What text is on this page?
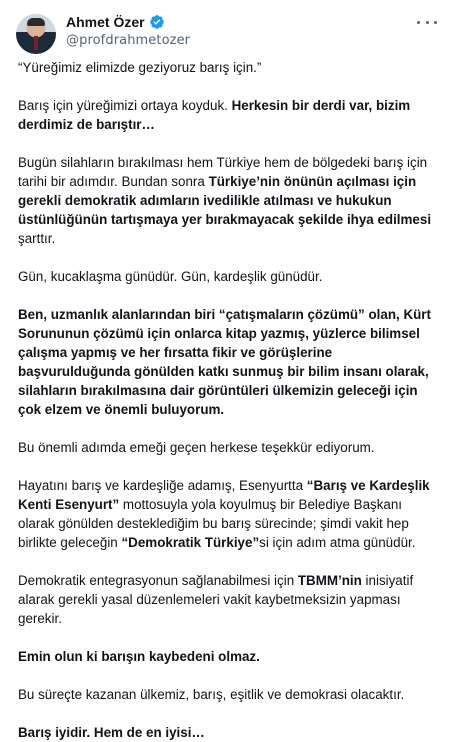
Ahmet Özer
@profdrahmetozer

“Yüreğimiz elimizde geziyoruz barış için.”

Barış için yüreğimizi ortaya koyduk. Herkesin bir derdi var, bizim derdimiz de barıştır…

Bugün silahların bırakılması hem Türkiye hem de bölgedeki barış için tarihi bir adımdır. Bundan sonra Türkiye’nin önünün açılması için gerekli demokratik adımların ivedilikle atılması ve hukukun üstünlüğünün tartışmaya yer bırakmayacak şekilde ihya edilmesi şarttır.

Gün, kucaklaşma günüdür. Gün, kardeşlik günüdür.

Ben, uzmanlık alanlarından biri “çatışmaların çözümü” olan, Kürt Sorununun çözümü için onlarca kitap yazmış, yüzlerce bilimsel çalışma yapmış ve her fırsatta fikir ve görüşlerine başvurulduğunda gönülden katkı sunmuş bir bilim insanı olarak, silahların bırakılmasına dair görüntüleri ülkemizin geleceği için çok elzem ve önemli buluyorum.

Bu önemli adımda emeği geçen herkese teşekkür ediyorum.

Hayatını barış ve kardeşliğe adamış, Esenyurtta “Barış ve Kardeşlik Kenti Esenyurt” mottosuyla yola koyulmuş bir Belediye Başkanı olarak gönülden desteklediğim bu barış sürecinde; şimdi vakit hep birlikte geleceğin “Demokratik Türkiye”si için adım atma günüdür.

Demokratik entegrasyonun sağlanabilmesi için TBMM’nin inisiyatif alarak gerekli yasal düzenlemeleri vakit kaybetmeksizin yapması gerekir.

Emin olun ki barışın kaybedeni olmaz.

Bu süreçte kazanan ülkemiz, barış, eşitlik ve demokrasi olacaktır.

Barış iyidir. Hem de en iyisi…
